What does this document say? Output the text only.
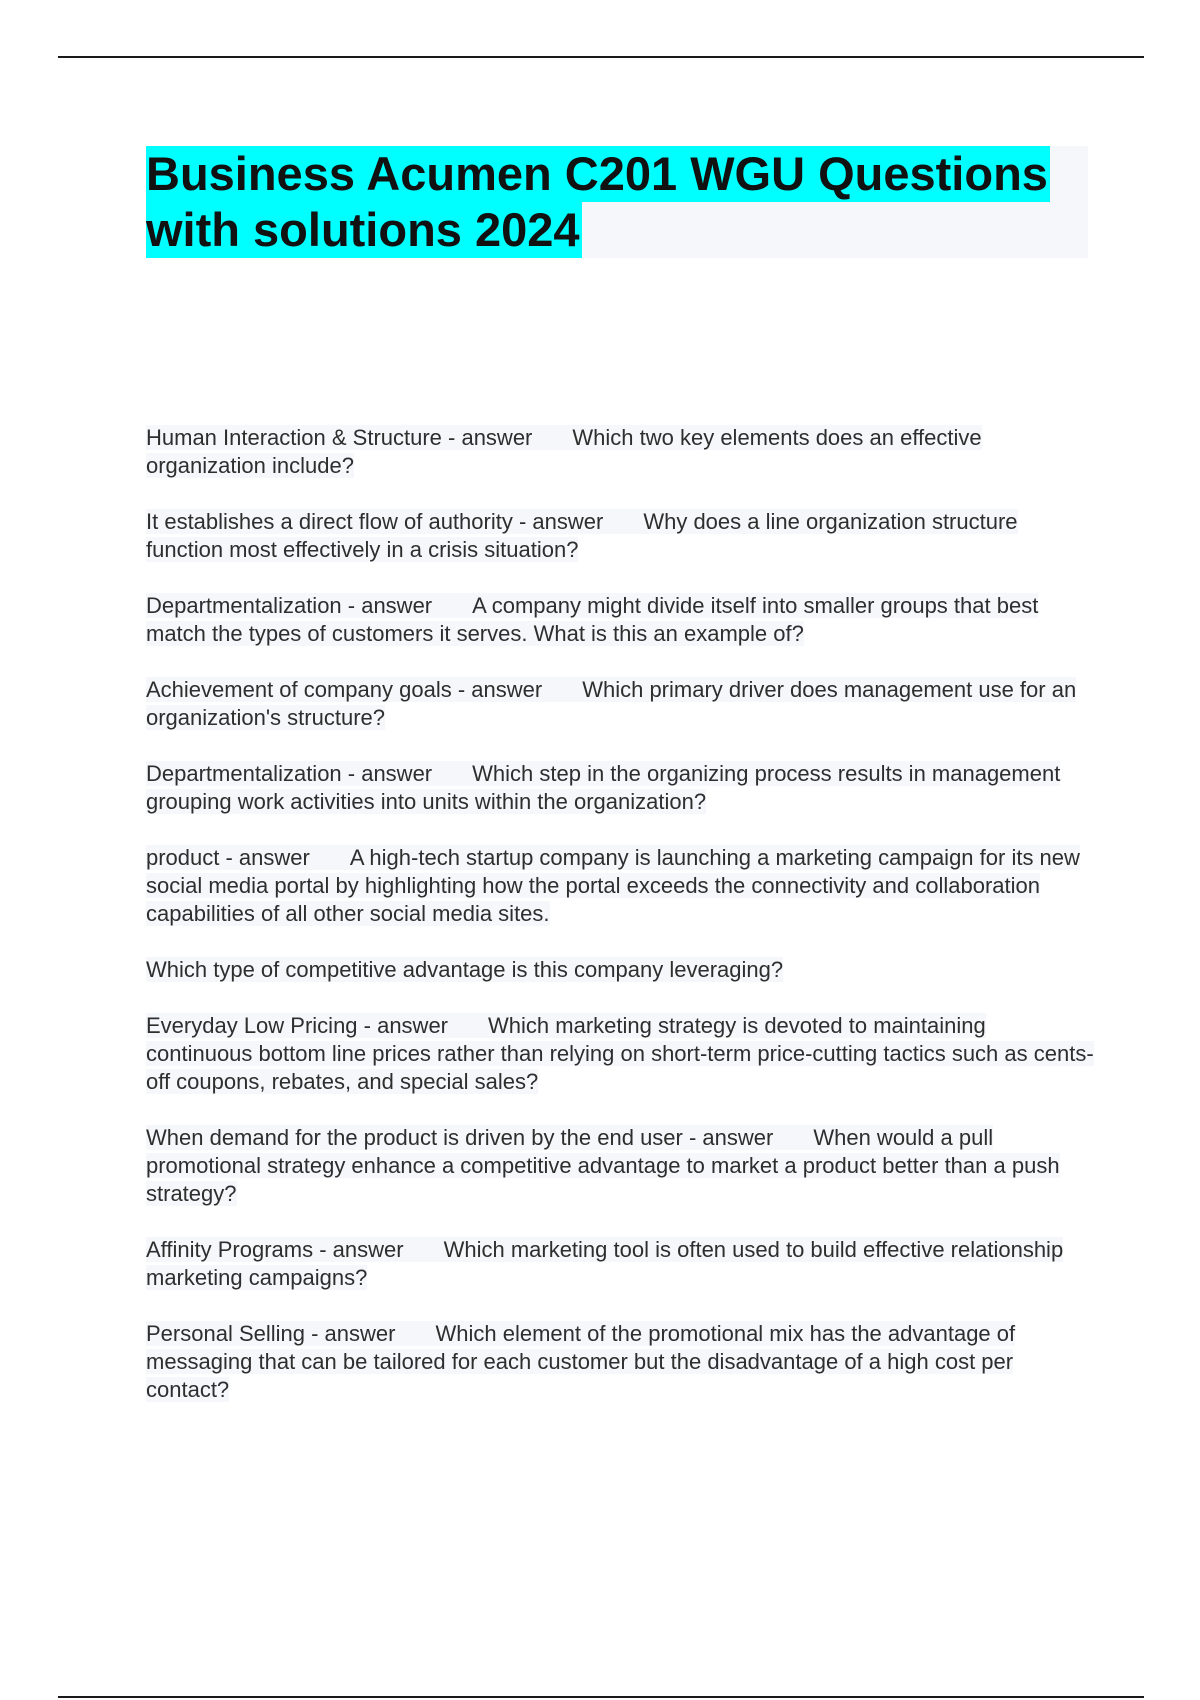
Business Acumen C201 WGU Questions
with solutions 2024

Human Interaction & Structure - answer Which two key elements does an effective organization include?

It establishes a direct flow of authority - answer Why does a line organization structure function most effectively in a crisis situation?

Departmentalization - answer A company might divide itself into smaller groups that best match the types of customers it serves. What is this an example of?

Achievement of company goals - answer Which primary driver does management use for an organization's structure?

Departmentalization - answer Which step in the organizing process results in management grouping work activities into units within the organization?

product - answer A high-tech startup company is launching a marketing campaign for its new social media portal by highlighting how the portal exceeds the connectivity and collaboration capabilities of all other social media sites.

Which type of competitive advantage is this company leveraging?

Everyday Low Pricing - answer Which marketing strategy is devoted to maintaining continuous bottom line prices rather than relying on short-term price-cutting tactics such as cents-off coupons, rebates, and special sales?

When demand for the product is driven by the end user - answer When would a pull promotional strategy enhance a competitive advantage to market a product better than a push strategy?

Affinity Programs - answer Which marketing tool is often used to build effective relationship marketing campaigns?

Personal Selling - answer Which element of the promotional mix has the advantage of messaging that can be tailored for each customer but the disadvantage of a high cost per contact?
